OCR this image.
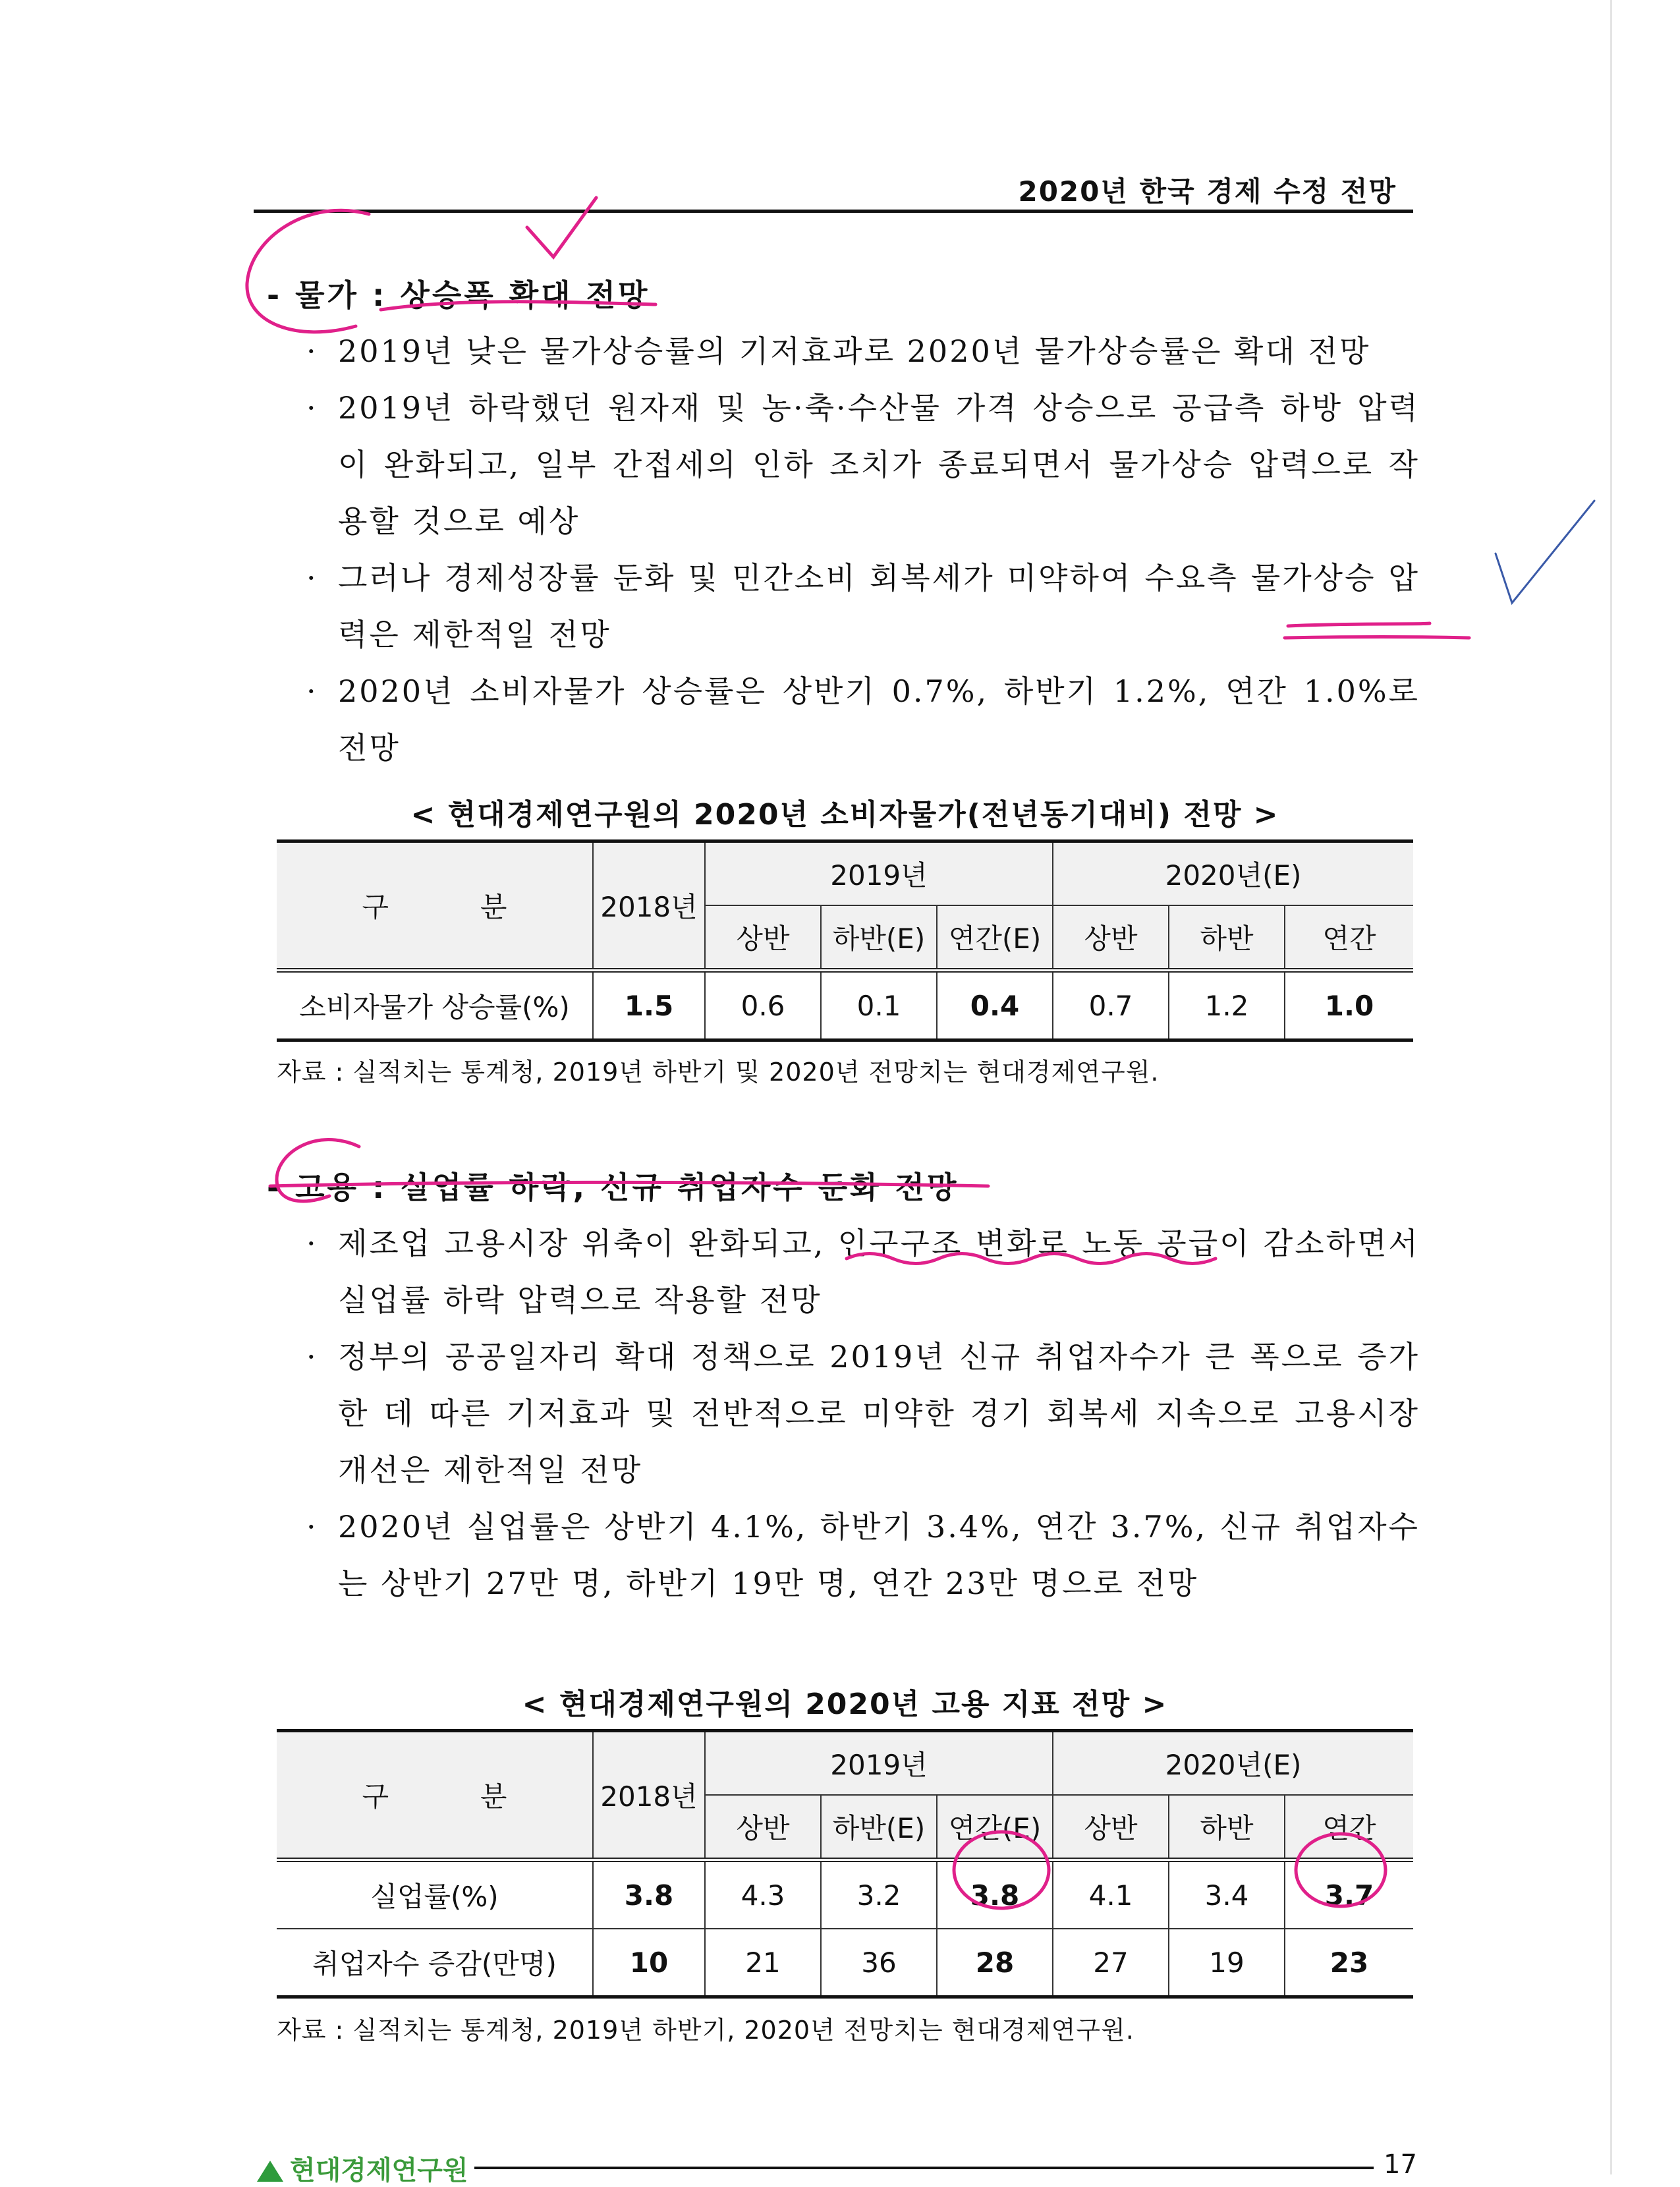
2020년 한국 경제 수정 전망
- 물가 : 상승폭 확대 전망
· 2019년 낮은 물가상승률의 기저효과로 2020년 물가상승률은 확대 전망
· 2019년 하락했던 원자재 및 농·축·수산물 가격 상승으로 공급측 하방 압력이 완화되고, 일부 간접세의 인하 조치가 종료되면서 물가상승 압력으로 작용할 것으로 예상
· 그러나 경제성장률 둔화 및 민간소비 회복세가 미약하여 수요측 물가상승 압력은 제한적일 전망
· 2020년 소비자물가 상승률은 상반기 0.7%, 하반기 1.2%, 연간 1.0%로 전망
< 현대경제연구원의 2020년 소비자물가(전년동기대비) 전망 >
구 분	2018년	2019년			2020년(E)		
		상반	하반(E)	연간(E)	상반	하반	연간
소비자물가 상승률(%)	1.5	0.6	0.1	0.4	0.7	1.2	1.0
자료 : 실적치는 통계청, 2019년 하반기 및 2020년 전망치는 현대경제연구원.
- 고용 : 실업률 하락, 신규 취업자수 둔화 전망
· 제조업 고용시장 위축이 완화되고, 인구구조 변화로 노동 공급이 감소하면서 실업률 하락 압력으로 작용할 전망
· 정부의 공공일자리 확대 정책으로 2019년 신규 취업자수가 큰 폭으로 증가한 데 따른 기저효과 및 전반적으로 미약한 경기 회복세 지속으로 고용시장 개선은 제한적일 전망
· 2020년 실업률은 상반기 4.1%, 하반기 3.4%, 연간 3.7%, 신규 취업자수는 상반기 27만 명, 하반기 19만 명, 연간 23만 명으로 전망
< 현대경제연구원의 2020년 고용 지표 전망 >
구 분	2018년	2019년			2020년(E)		
		상반	하반(E)	연간(E)	상반	하반	연간
실업률(%)	3.8	4.3	3.2	3.8	4.1	3.4	3.7
취업자수 증감(만명)	10	21	36	28	27	19	23
자료 : 실적치는 통계청, 2019년 하반기, 2020년 전망치는 현대경제연구원.
현대경제연구원	17
